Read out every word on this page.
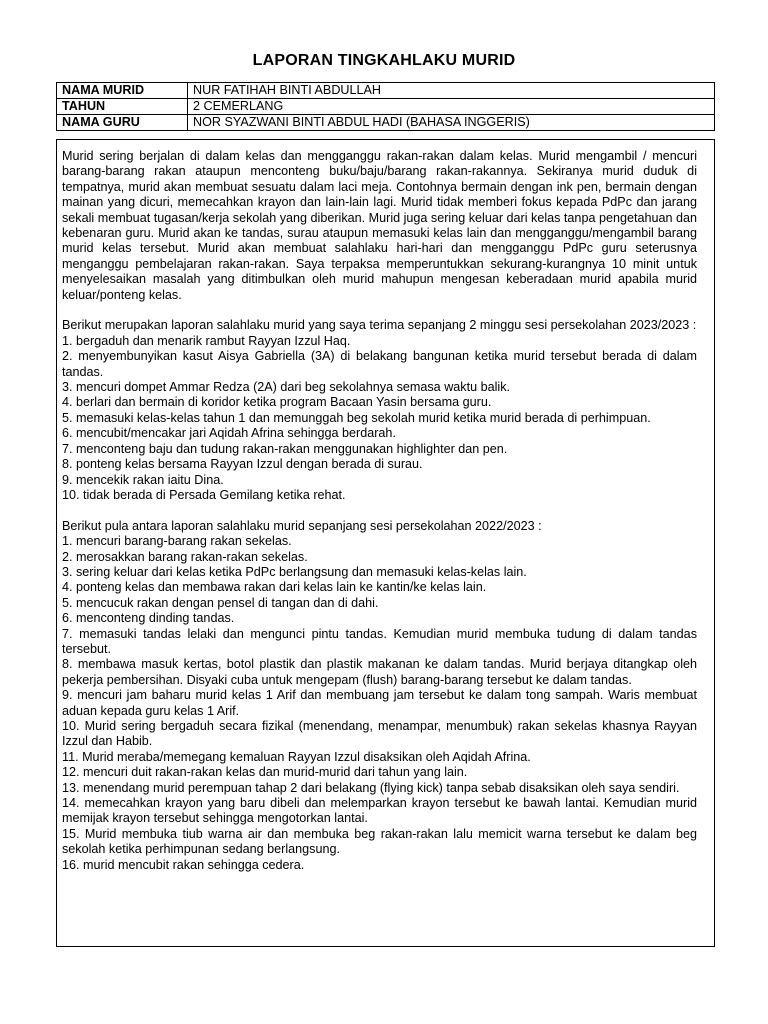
LAPORAN TINGKAHLAKU MURID
NAMA MURID	NUR FATIHAH BINTI ABDULLAH
TAHUN	2 CEMERLANG
NAMA GURU	NOR SYAZWANI BINTI ABDUL HADI (BAHASA INGGERIS)

Murid sering berjalan di dalam kelas dan mengganggu rakan-rakan dalam kelas. Murid mengambil / mencuri barang-barang rakan ataupun menconteng buku/baju/barang rakan-rakannya. Sekiranya murid duduk di tempatnya, murid akan membuat sesuatu dalam laci meja. Contohnya bermain dengan ink pen, bermain dengan mainan yang dicuri, memecahkan krayon dan lain-lain lagi. Murid tidak memberi fokus kepada PdPc dan jarang sekali membuat tugasan/kerja sekolah yang diberikan. Murid juga sering keluar dari kelas tanpa pengetahuan dan kebenaran guru. Murid akan ke tandas, surau ataupun memasuki kelas lain dan mengganggu/mengambil barang murid kelas tersebut. Murid akan membuat salahlaku hari-hari dan mengganggu PdPc guru seterusnya menganggu pembelajaran rakan-rakan. Saya terpaksa memperuntukkan sekurang-kurangnya 10 minit untuk menyelesaikan masalah yang ditimbulkan oleh murid mahupun mengesan keberadaan murid apabila murid keluar/ponteng kelas.

Berikut merupakan laporan salahlaku murid yang saya terima sepanjang 2 minggu sesi persekolahan 2023/2023 :

1. bergaduh dan menarik rambut Rayyan Izzul Haq.
2. menyembunyikan kasut Aisya Gabriella (3A) di belakang bangunan ketika murid tersebut berada di dalam tandas.
3. mencuri dompet Ammar Redza (2A) dari beg sekolahnya semasa waktu balik.
4. berlari dan bermain di koridor ketika program Bacaan Yasin bersama guru.
5. memasuki kelas-kelas tahun 1 dan memunggah beg sekolah murid ketika murid berada di perhimpuan.
6. mencubit/mencakar jari Aqidah Afrina sehingga berdarah.
7. menconteng baju dan tudung rakan-rakan menggunakan highlighter dan pen.
8. ponteng kelas bersama Rayyan Izzul dengan berada di surau.
9. mencekik rakan iaitu Dina.
10. tidak berada di Persada Gemilang ketika rehat.

Berikut pula antara laporan salahlaku murid sepanjang sesi persekolahan 2022/2023 :

1. mencuri barang-barang rakan sekelas.
2. merosakkan barang rakan-rakan sekelas.
3. sering keluar dari kelas ketika PdPc berlangsung dan memasuki kelas-kelas lain.
4. ponteng kelas dan membawa rakan dari kelas lain ke kantin/ke kelas lain.
5. mencucuk rakan dengan pensel di tangan dan di dahi.
6. menconteng dinding tandas.
7. memasuki tandas lelaki dan mengunci pintu tandas. Kemudian murid membuka tudung di dalam tandas tersebut.
8. membawa masuk kertas, botol plastik dan plastik makanan ke dalam tandas. Murid berjaya ditangkap oleh pekerja pembersihan. Disyaki cuba untuk mengepam (flush) barang-barang tersebut ke dalam tandas.
9. mencuri jam baharu murid kelas 1 Arif dan membuang jam tersebut ke dalam tong sampah. Waris membuat aduan kepada guru kelas 1 Arif.
10. Murid sering bergaduh secara fizikal (menendang, menampar, menumbuk) rakan sekelas khasnya Rayyan Izzul dan Habib.
11. Murid meraba/memegang kemaluan Rayyan Izzul disaksikan oleh Aqidah Afrina.
12. mencuri duit rakan-rakan kelas dan murid-murid dari tahun yang lain.
13. menendang murid perempuan tahap 2 dari belakang (flying kick) tanpa sebab disaksikan oleh saya sendiri.
14. memecahkan krayon yang baru dibeli dan melemparkan krayon tersebut ke bawah lantai. Kemudian murid memijak krayon tersebut sehingga mengotorkan lantai.
15. Murid membuka tiub warna air dan membuka beg rakan-rakan lalu memicit warna tersebut ke dalam beg sekolah ketika perhimpunan sedang berlangsung.
16. murid mencubit rakan sehingga cedera.
